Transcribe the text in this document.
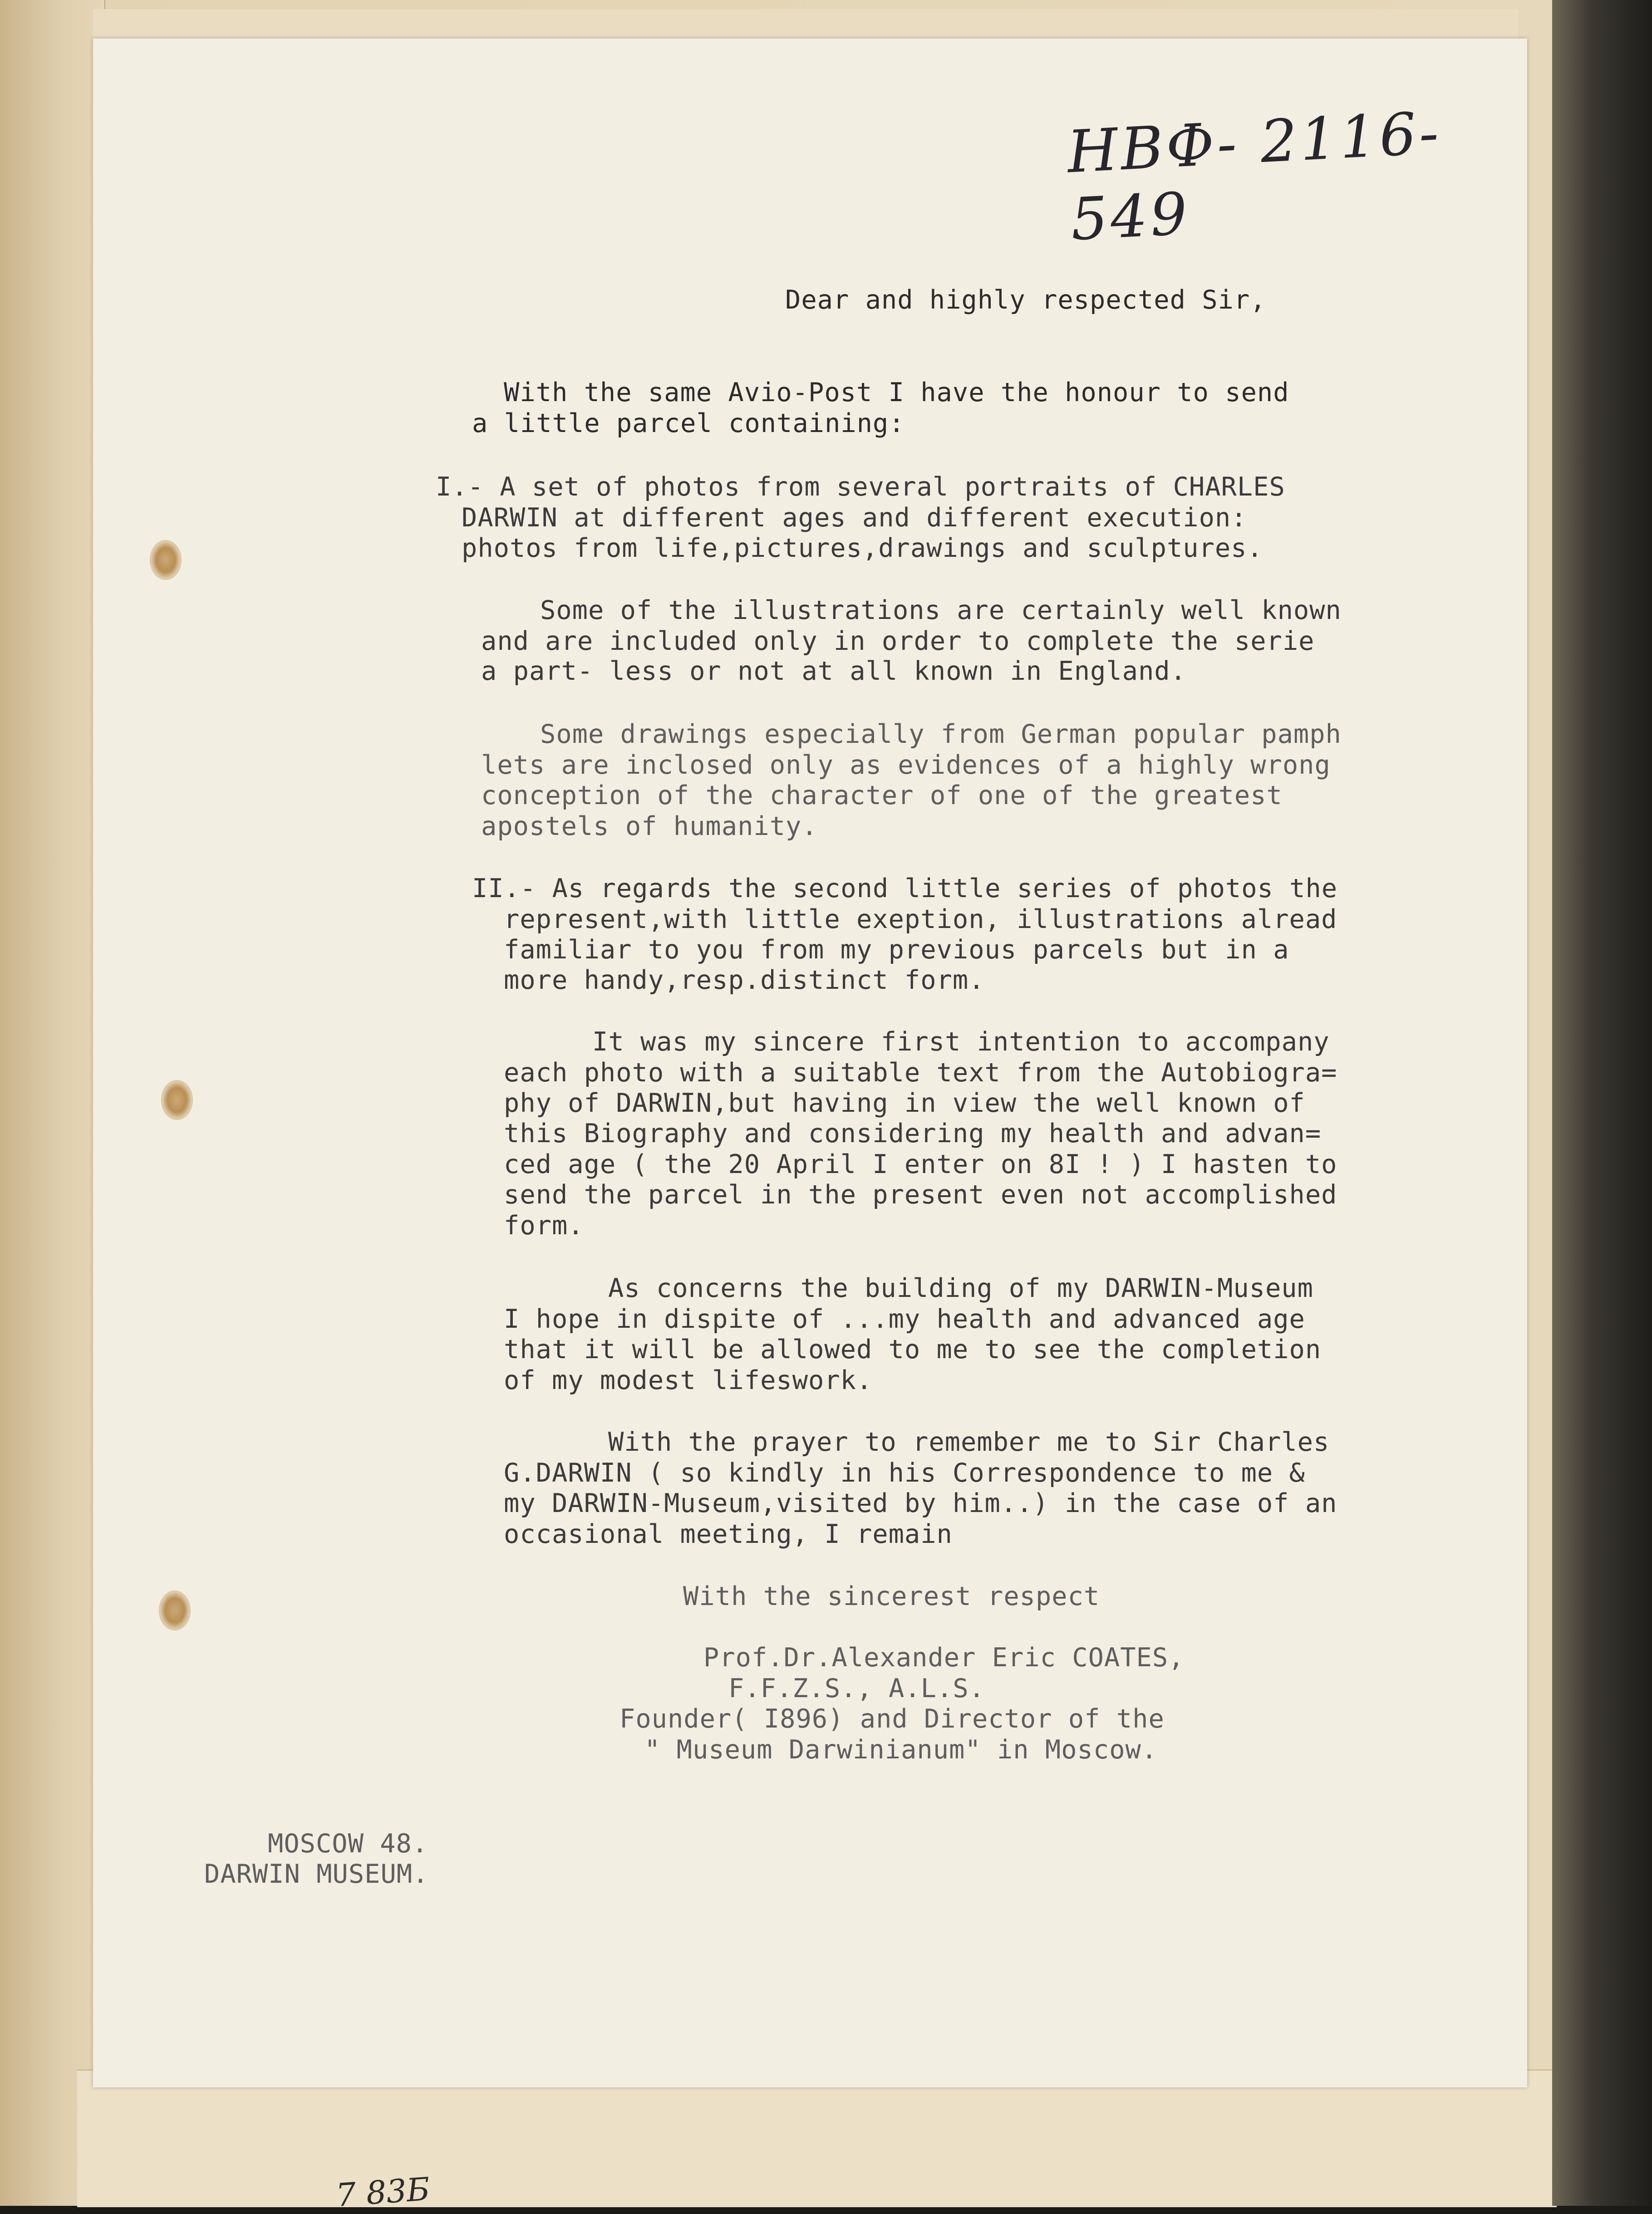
НВФ- 2116- 549
Dear and highly respected Sir,
With the same Avio-Post I have the honour to send
a little parcel containing:
I.- A set of photos from several portraits of CHARLES
DARWIN at different ages and different execution:
photos from life,pictures,drawings and sculptures.
Some of the illustrations are certainly well known
and are included only in order to complete the serie
a part- less or not at all known in England.
Some drawings especially from German popular pamph
lets are inclosed only as evidences of a highly wrong
conception of the character of one of the greatest
apostels of humanity.
II.- As regards the second little series of photos the
represent,with little exeption, illustrations alread
familiar to you from my previous parcels but in a
more handy,resp.distinct form.
It was my sincere first intention to accompany
each photo with a suitable text from the Autobiogra=
phy of DARWIN,but having in view the well known of
this Biography and considering my health and advan=
ced age ( the 20 April I enter on 8I ! ) I hasten to
send the parcel in the present even not accomplished
form.
As concerns the building of my DARWIN-Museum
I hope in dispite of ...my health and advanced age
that it will be allowed to me to see the completion
of my modest lifeswork.
With the prayer to remember me to Sir Charles
G.DARWIN ( so kindly in his Correspondence to me &
my DARWIN-Museum,visited by him..) in the case of an
occasional meeting, I remain
With the sincerest respect
Prof.Dr.Alexander Eric COATES,
F.F.Z.S., A.L.S.
Founder( I896) and Director of the
" Museum Darwinianum" in Moscow.
MOSCOW 48.
DARWIN MUSEUM.
7 83Б
